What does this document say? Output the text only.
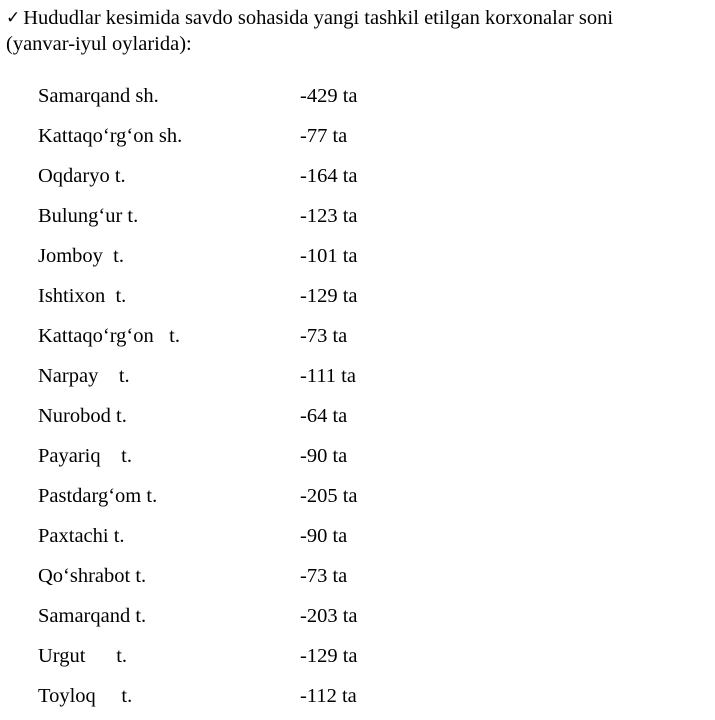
✓ Hududlar kesimida savdo sohasida yangi tashkil etilgan korxonalar soni
(yanvar-iyul oylarida):
Samarqand sh.	-429 ta
Kattaqo‘rg‘on sh.	-77 ta
Oqdaryo t.	-164 ta
Bulung‘ur t.	-123 ta
Jomboy  t.	-101 ta
Ishtixon  t.	-129 ta
Kattaqo‘rg‘on   t.	-73 ta
Narpay    t.	-111 ta
Nurobod t.	-64 ta
Payariq    t.	-90 ta
Pastdarg‘om t.	-205 ta
Paxtachi t.	-90 ta
Qo‘shrabot t.	-73 ta
Samarqand t.	-203 ta
Urgut      t.	-129 ta
Toyloq     t.	-112 ta
